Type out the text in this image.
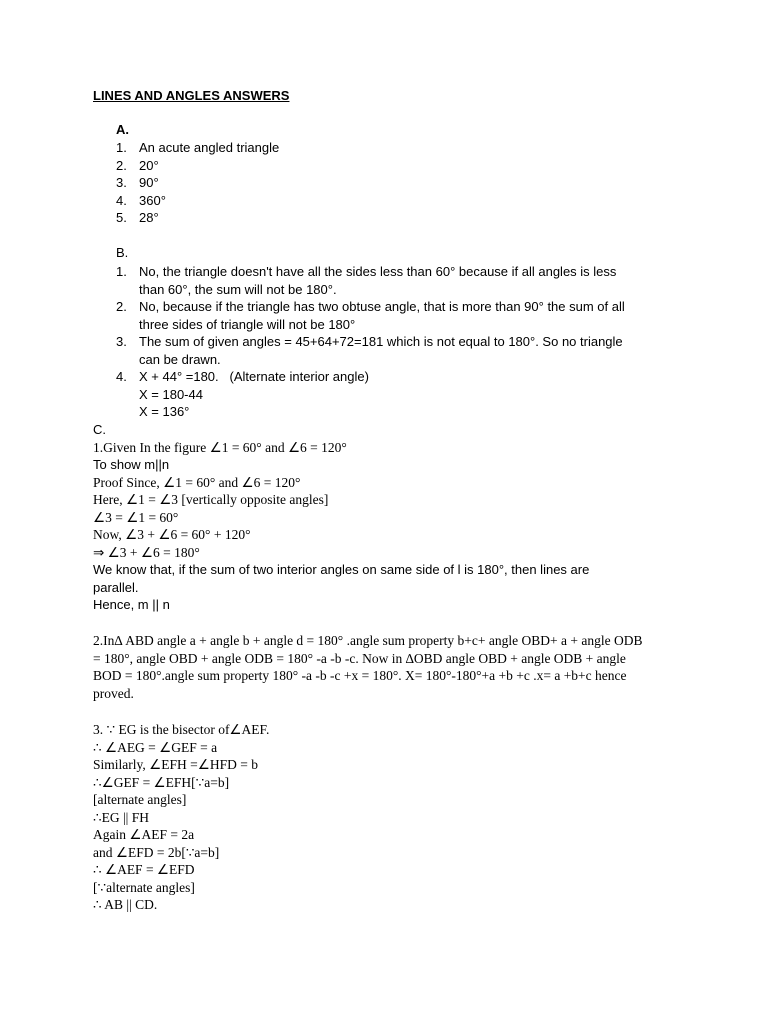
LINES AND ANGLES ANSWERS
A.
1. An acute angled triangle
2. 20°
3. 90°
4. 360°
5. 28°
B.
1. No, the triangle doesn't have all the sides less than 60° because if all angles is less
than 60°, the sum will not be 180°.
2. No, because if the triangle has two obtuse angle, that is more than 90° the sum of all
three sides of triangle will not be 180°
3. The sum of given angles = 45+64+72=181 which is not equal to 180°. So no triangle
can be drawn.
4. X + 44° =180.   (Alternate interior angle)
X = 180-44
X = 136°
C.
1.Given In the figure ∠1 = 60° and ∠6 = 120°
To show m||n
Proof Since, ∠1 = 60° and ∠6 = 120°
Here, ∠1 = ∠3 [vertically opposite angles]
∠3 = ∠1 = 60°
Now, ∠3 + ∠6 = 60° + 120°
⇒ ∠3 + ∠6 = 180°
We know that, if the sum of two interior angles on same side of l is 180°, then lines are
parallel.
Hence, m || n
2.In∆ ABD angle a + angle b + angle d = 180° .angle sum property b+c+ angle OBD+ a + angle ODB
= 180°, angle OBD + angle ODB = 180° -a -b -c. Now in ∆OBD angle OBD + angle ODB + angle
BOD = 180°.angle sum property 180° -a -b -c +x = 180°. X= 180°-180°+a +b +c .x= a +b+c hence
proved.
3. ∵ EG is the bisector of∠AEF.
∴ ∠AEG = ∠GEF = a
Similarly, ∠EFH =∠HFD = b
∴∠GEF = ∠EFH[∵a=b]
[alternate angles]
∴EG || FH
Again ∠AEF = 2a
and ∠EFD = 2b[∵a=b]
∴ ∠AEF = ∠EFD
[∵alternate angles]
∴ AB || CD.
